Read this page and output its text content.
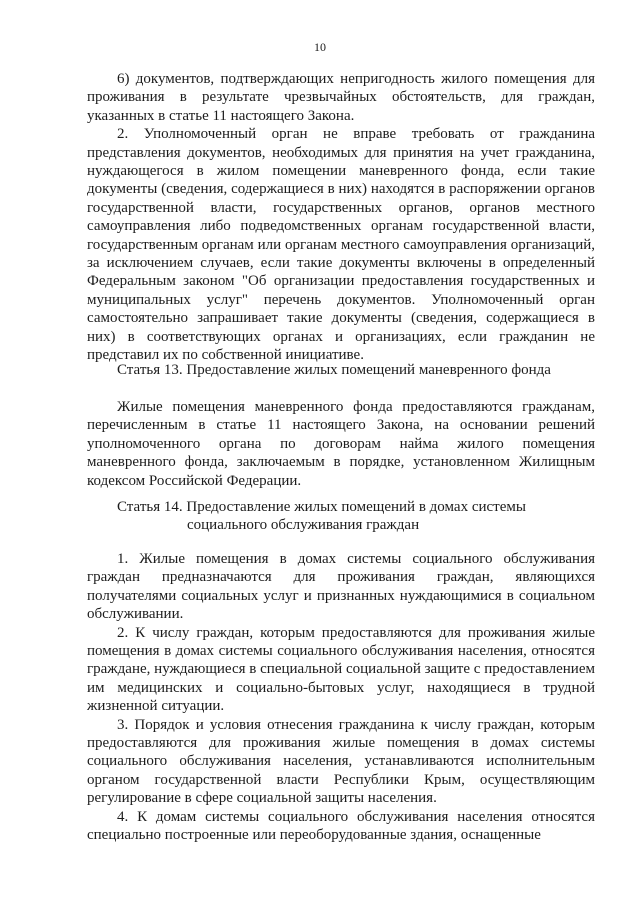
10

6) документов, подтверждающих непригодность жилого помещения для проживания в результате чрезвычайных обстоятельств, для граждан, указанных в статье 11 настоящего Закона.

2. Уполномоченный орган не вправе требовать от гражданина представления документов, необходимых для принятия на учет гражданина, нуждающегося в жилом помещении маневренного фонда, если такие документы (сведения, содержащиеся в них) находятся в распоряжении органов государственной власти, государственных органов, органов местного самоуправления либо подведомственных органам государственной власти, государственным органам или органам местного самоуправления организаций, за исключением случаев, если такие документы включены в определенный Федеральным законом "Об организации предоставления государственных и муниципальных услуг" перечень документов. Уполномоченный орган самостоятельно запрашивает такие документы (сведения, содержащиеся в них) в соответствующих органах и организациях, если гражданин не представил их по собственной инициативе.

Статья 13. Предоставление жилых помещений маневренного фонда

Жилые помещения маневренного фонда предоставляются гражданам, перечисленным в статье 11 настоящего Закона, на основании решений уполномоченного органа по договорам найма жилого помещения маневренного фонда, заключаемым в порядке, установленном Жилищным кодексом Российской Федерации.

Статья 14. Предоставление жилых помещений в домах системы
социального обслуживания граждан

1. Жилые помещения в домах системы социального обслуживания граждан предназначаются для проживания граждан, являющихся получателями социальных услуг и признанных нуждающимися в социальном обслуживании.

2. К числу граждан, которым предоставляются для проживания жилые помещения в домах системы социального обслуживания населения, относятся граждане, нуждающиеся в специальной социальной защите с предоставлением им медицинских и социально-бытовых услуг, находящиеся в трудной жизненной ситуации.

3. Порядок и условия отнесения гражданина к числу граждан, которым предоставляются для проживания жилые помещения в домах системы социального обслуживания населения, устанавливаются исполнительным органом государственной власти Республики Крым, осуществляющим регулирование в сфере социальной защиты населения.

4. К домам системы социального обслуживания населения относятся специально построенные или переоборудованные здания, оснащенные
